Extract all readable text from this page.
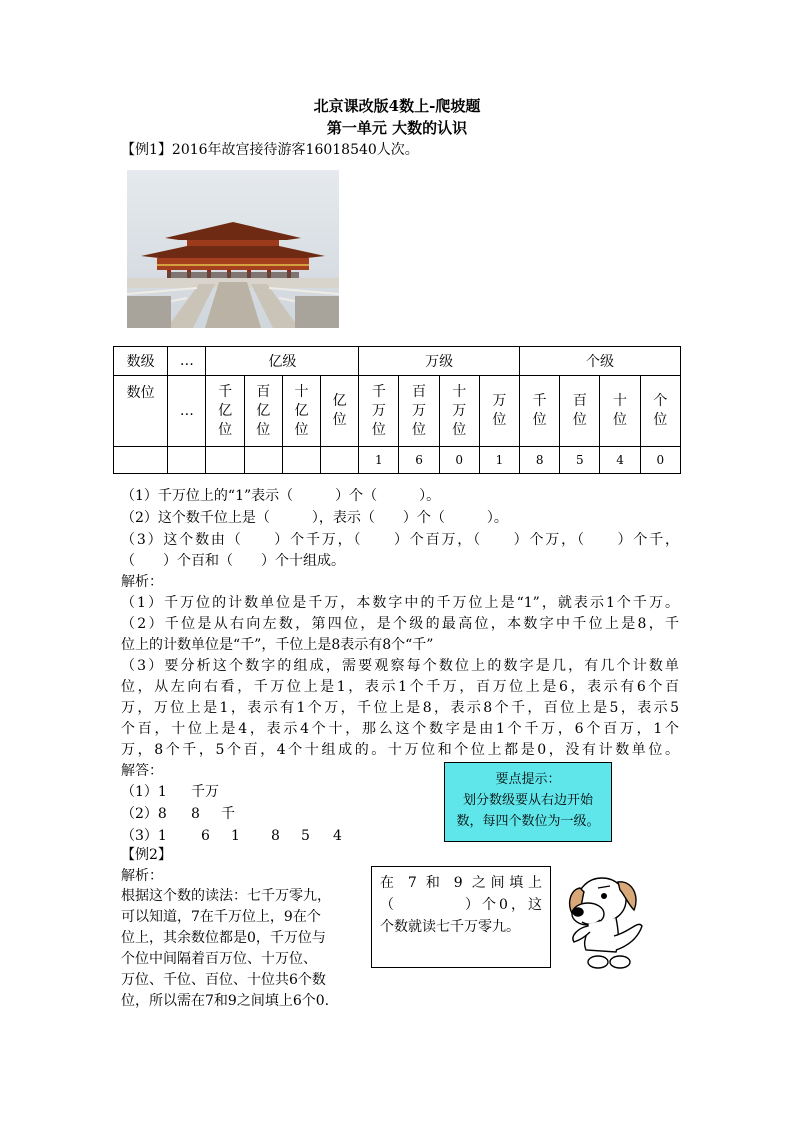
北京课改版4数上-爬坡题
第一单元 大数的认识
【例1】2016年故宫接待游客16018540人次。
数级	…	亿级				万级				个级			
数位	…	千
亿
位	百
亿
位	十
亿
位	亿
位	千
万
位	百
万
位	十
万
位	万
位	千
位	百
位	十
位	个
位
						1	6	0	1	8	5	4	0
（1）千万位上的“1”表示（　　　）个（　　　）。
（2）这个数千位上是（　　　），表示（　　）个（　　　）。
（3）这个数由（　　）个千万，（　　）个百万，（　　）个万，（　　）个千，
（　　）个百和（　　）个十组成。
解析：
（1）千万位的计数单位是千万，本数字中的千万位上是“1”，就表示1个千万。
（2）千位是从右向左数，第四位，是个级的最高位，本数字中千位上是8，千
位上的计数单位是“千”，千位上是8表示有8个“千”
（3）要分析这个数字的组成，需要观察每个数位上的数字是几，有几个计数单
位，从左向右看，千万位上是1，表示1个千万，百万位上是6，表示有6个百
万，万位上是1，表示有1个万，千位上是8，表示8个千，百位上是5，表示5
个百，十位上是4，表示4个十，那么这个数字是由1个千万，6个百万，1个
万，8个千，5个百，4个十组成的。十万位和个位上都是0，没有计数单位。
解答：
（1）1 千万
（2）8 8 千
（3）1 6 1 8 5 4
要点提示：
划分数级要从右边开始
数，每四个数位为一级。
【例2】
解析：
根据这个数的读法：七千万零九，
可以知道，7在千万位上，9在个
位上，其余数位都是0，千万位与
个位中间隔着百万位、十万位、
万位、千位、百位、十位共6个数
位，所以需在7和9之间填上6个0.
在 7 和 9 之间填上
（　　　　）个0，这
个数就读七千万零九。
